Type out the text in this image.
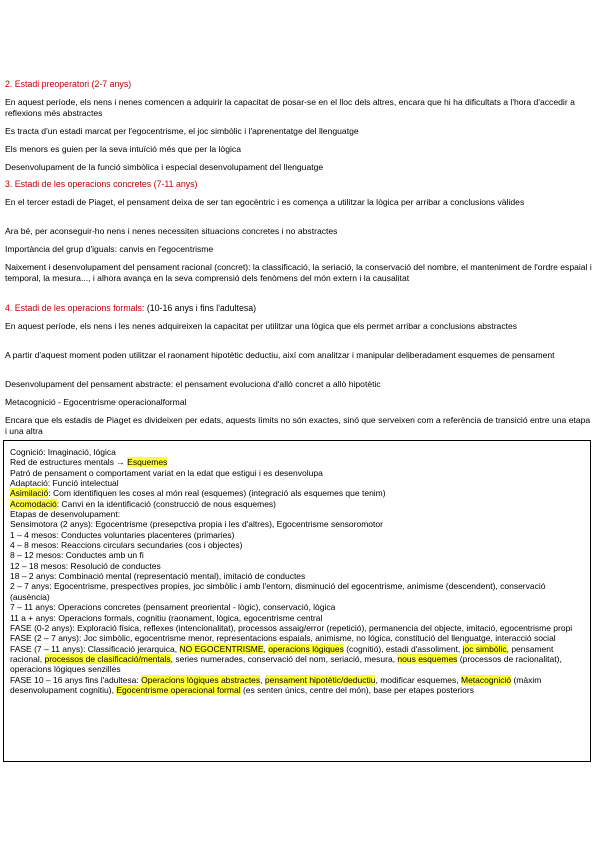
2. Estadi preoperatori (2-7 anys)
En aquest període, els nens i nenes comencen a adquirir la capacitat de posar-se en el lloc dels altres, encara que hi ha dificultats a l'hora d'accedir a reflexions més abstractes
Es tracta d'un estadi marcat per l'egocentrisme, el joc simbòlic i l'aprenentatge del llenguatge
Els menors es guien per la seva intuïció més que per la lògica
Desenvolupament de la funció simbòlica i especial desenvolupament del llenguatge
3. Estadi de les operacions concretes (7-11 anys)
En el tercer estadi de Piaget, el pensament deixa de ser tan egocèntric i es comença a utilitzar la lògica per arribar a conclusions vàlides
Ara bé, per aconseguir-ho nens i nenes necessiten situacions concretes i no abstractes
Importància del grup d'iguals: canvis en l'egocentrisme
Naixement i desenvolupament del pensament racional (concret): la classificació, la seriació, la conservació del nombre, el manteniment de l'ordre espaial i temporal, la mesura..., i alhora avança en la seva comprensió dels fenòmens del món extern i la causalitat
4. Estadi de les operacions formals: (10-16 anys i fins l'adultesa)
En aquest període, els nens i les nenes adquireixen la capacitat per utilitzar una lògica que els permet arribar a conclusions abstractes
A partir d'aquest moment poden utilitzar el raonament hipotètic deductiu, així com analitzar i manipular deliberadament esquemes de pensament
Desenvolupament del pensament abstracte: el pensament evoluciona d'allò concret a allò hipotètic
Metacognició - Egocentrisme operacionalformal
Encara que els estadis de Piaget es divideixen per edats, aquests límits no són exactes, sinó que serveixen com a referència de transició entre una etapa i una altra
Cognició: Imaginació, lógica
Red de estructures mentals → Esquemes
Patró de pensament o comportament variat en la edat que estigui i es desenvolupa
Adaptació: Funció intelectual
Asimilació: Com identifiquen les coses al món real (esquemes) (integració als esquemes que tenim)
Acomodació: Canvi en la identificació (construcció de nous esquemes)
Etapas de desenvolupament:
Sensimotora (2 anys): Egocentrisme (presepctiva propia i les d'altres), Egocentrisme sensoromotor
1 – 4 mesos: Conductes voluntaries placenteres (primaries)
4 – 8 mesos: Reaccions circulars secundaries (cos i objectes)
8 – 12 mesos: Conductes amb un fi
12 – 18 mesos: Resolució de conductes
18 – 2 anys: Combinació mental (representació mental), imitació de conductes
2 – 7 anys: Egocentrisme, prespectives propies, joc simbòlic i amb l'entorn, disminució del egocentrisme, animisme (descendent), conservació (ausència)
7 – 11 anys: Operacions concretes (pensament preoriental - lògic), conservació, lògica
11 a + anys: Operacions formals, cognitiu (raonament, lògica, egocentrisme central
FASE (0-2 anys): Exploració física, reflexes (intencionalitat), processos assaig/error (repetició), permanencia del objecte, imitació, egocentrisme propi
FASE (2 – 7 anys): Joc simbòlic, egocentrisme menor, representacions espaials, animisme, no lógica, constitució del llenguatge, interacció social
FASE (7 – 11 anys): Classificació jerarquica, NO EGOCENTRISME, operacions lògiques (cognitió), estadi d'assoliment, joc simbòlic, pensament racional, processos de clasificació/mentals, series numerades, conservació del nom, seriació, mesura, nous esquemes (processos de racionalitat), operacions lògiques senzilles
FASE 10 – 16 anys fins l'adultesa: Operacions lògiques abstractes, pensament hipotètic/deductiu, modificar esquemes, Metacognició (màxim desenvolupament cognitiu), Egocentrisme operacional formal (es senten únics, centre del món), base per etapes posteriors
